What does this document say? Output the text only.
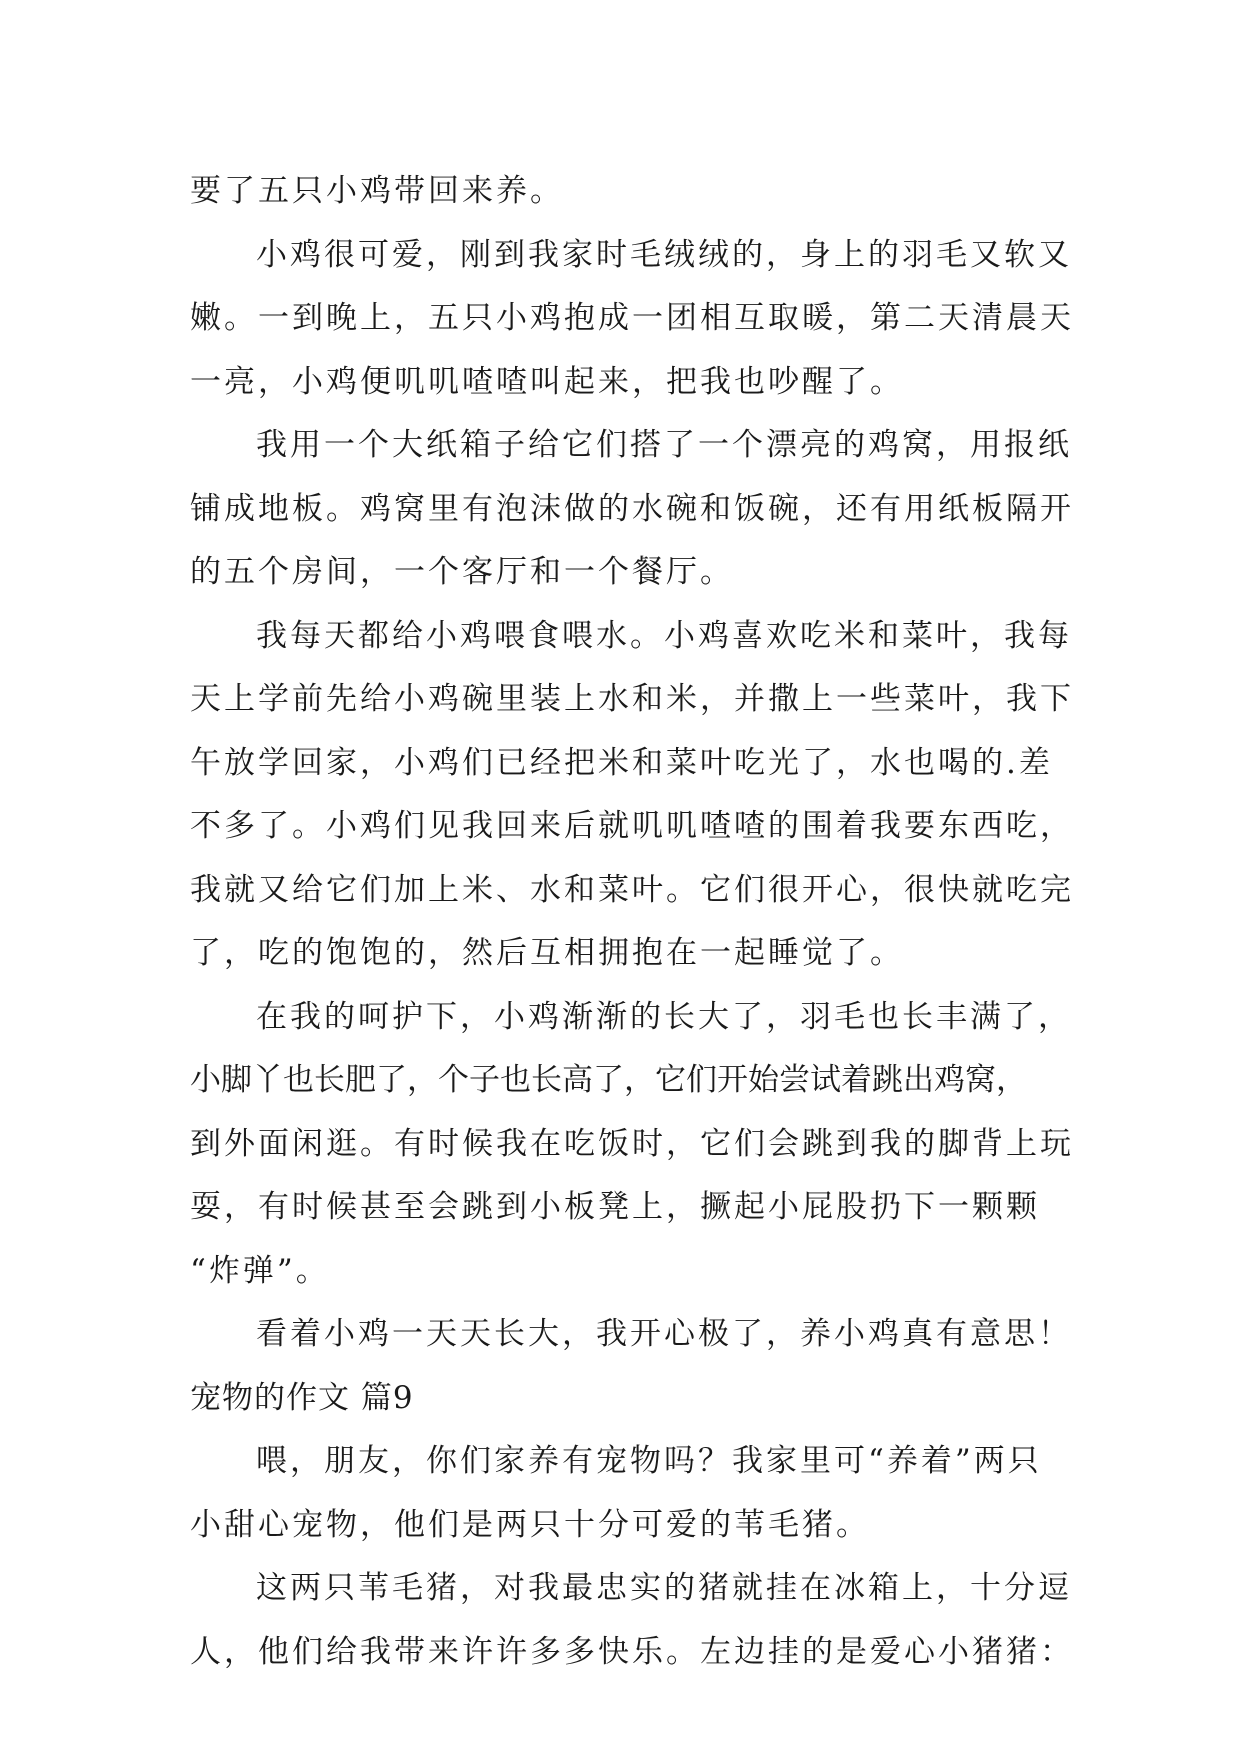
要了五只小鸡带回来养。
小鸡很可爱，刚到我家时毛绒绒的，身上的羽毛又软又
嫩。一到晚上，五只小鸡抱成一团相互取暖，第二天清晨天
一亮，小鸡便叽叽喳喳叫起来，把我也吵醒了。
我用一个大纸箱子给它们搭了一个漂亮的鸡窝，用报纸
铺成地板。鸡窝里有泡沫做的水碗和饭碗，还有用纸板隔开
的五个房间，一个客厅和一个餐厅。
我每天都给小鸡喂食喂水。小鸡喜欢吃米和菜叶，我每
天上学前先给小鸡碗里装上水和米，并撒上一些菜叶，我下
午放学回家，小鸡们已经把米和菜叶吃光了，水也喝的.差
不多了。小鸡们见我回来后就叽叽喳喳的围着我要东西吃，
我就又给它们加上米、水和菜叶。它们很开心，很快就吃完
了，吃的饱饱的，然后互相拥抱在一起睡觉了。
在我的呵护下，小鸡渐渐的长大了，羽毛也长丰满了，
小脚丫也长肥了，个子也长高了，它们开始尝试着跳出鸡窝，
到外面闲逛。有时候我在吃饭时，它们会跳到我的脚背上玩
耍，有时候甚至会跳到小板凳上，撅起小屁股扔下一颗颗
“炸弹”。
看着小鸡一天天长大，我开心极了，养小鸡真有意思！
宠物的作文 篇9
喂，朋友，你们家养有宠物吗？我家里可“养着”两只
小甜心宠物，他们是两只十分可爱的苇毛猪。
这两只苇毛猪，对我最忠实的猪就挂在冰箱上，十分逗
人，他们给我带来许许多多快乐。左边挂的是爱心小猪猪：
